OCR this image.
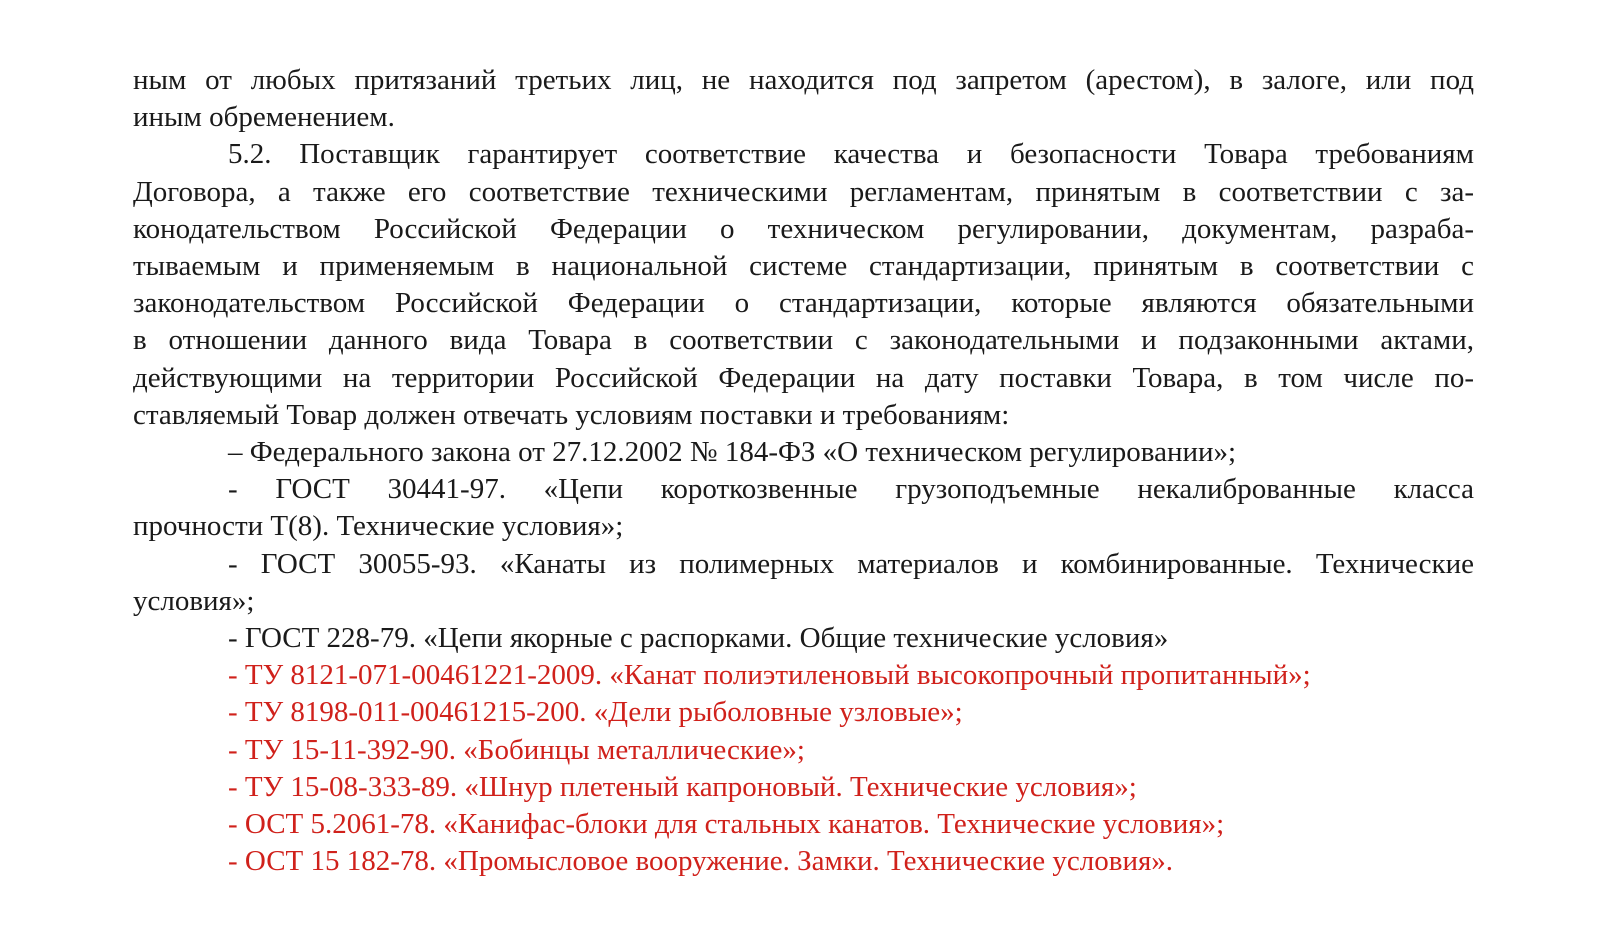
ным от любых притязаний третьих лиц, не находится под запретом (арестом), в залоге, или под
иным обременением.
5.2. Поставщик гарантирует соответствие качества и безопасности Товара требованиям
Договора, а также его соответствие техническими регламентам, принятым в соответствии с за-
конодательством Российской Федерации о техническом регулировании, документам, разраба-
тываемым и применяемым в национальной системе стандартизации, принятым в соответствии с
законодательством Российской Федерации о стандартизации, которые являются обязательными
в отношении данного вида Товара в соответствии с законодательными и подзаконными актами,
действующими на территории Российской Федерации на дату поставки Товара, в том числе по-
ставляемый Товар должен отвечать условиям поставки и требованиям:
– Федерального закона от 27.12.2002 № 184-ФЗ «О техническом регулировании»;
- ГОСТ 30441-97. «Цепи короткозвенные грузоподъемные некалиброванные класса
прочности Т(8). Технические условия»;
- ГОСТ 30055-93. «Канаты из полимерных материалов и комбинированные. Технические
условия»;
- ГОСТ 228-79. «Цепи якорные с распорками. Общие технические условия»
- ТУ 8121-071-00461221-2009. «Канат полиэтиленовый высокопрочный пропитанный»;
- ТУ 8198-011-00461215-200. «Дели рыболовные узловые»;
- ТУ 15-11-392-90. «Бобинцы металлические»;
- ТУ 15-08-333-89. «Шнур плетеный капроновый. Технические условия»;
- ОСТ 5.2061-78. «Канифас-блоки для стальных канатов. Технические условия»;
- ОСТ 15 182-78. «Промысловое вооружение. Замки. Технические условия».
